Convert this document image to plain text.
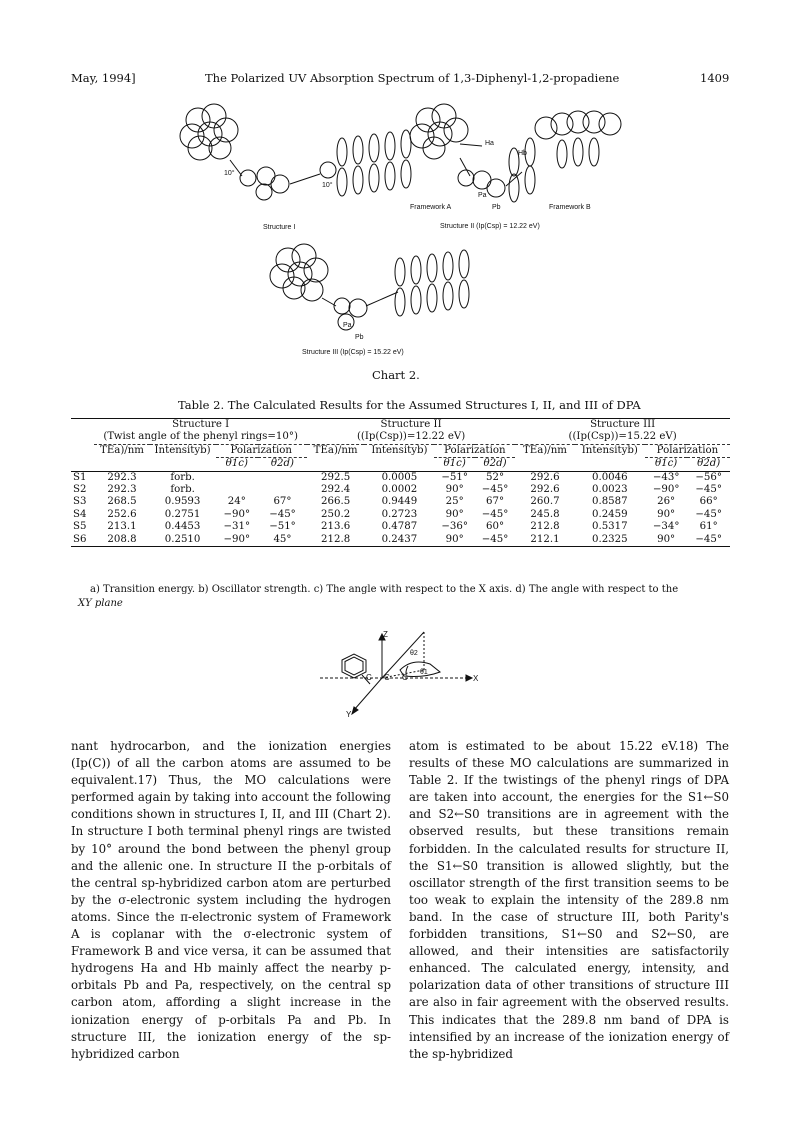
May, 1994]	The Polarized UV Absorption Spectrum of 1,3-Diphenyl-1,2-propadiene	1409
10°
10°
Structure I
Ha
Hb
Pa
Pb
Framework A	Framework B
Structure II (Ip(Csp) = 12.22 eV)
Pa
Pb
Structure III (Ip(Csp) = 15.22 eV)
Chart 2.
Table 2. The Calculated Results for the Assumed Structures I, II, and III of DPA
	Structure I				Structure II				Structure III			
	(Twist angle of the phenyl rings=10°)				((Ip(Csp))=12.22 eV)				((Ip(Csp))=15.22 eV)			
	TEa)/nm	Intensityb)	Polarization		TEa)/nm	Intensityb)	Polarization		TEa)/nm	Intensityb)	Polarization	
			θ1c)	θ2d)			θ1c)	θ2d)			θ1c)	θ2d)
S1	292.3	forb.			292.5	0.0005	−51°	52°	292.6	0.0046	−43°	−56°
S2	292.3	forb.			292.4	0.0002	90°	−45°	292.6	0.0023	−90°	−45°
S3	268.5	0.9593	24°	67°	266.5	0.9449	25°	67°	260.7	0.8587	26°	66°
S4	252.6	0.2751	−90°	−45°	250.2	0.2723	90°	−45°	245.8	0.2459	90°	−45°
S5	213.1	0.4453	−31°	−51°	213.6	0.4787	−36°	60°	212.8	0.5317	−34°	61°
S6	208.8	0.2510	−90°	45°	212.8	0.2437	90°	−45°	212.1	0.2325	90°	−45°
a) Transition energy. b) Oscillator strength. c) The angle with respect to the X axis. d) The angle with respect to the
XY plane
Z
X
Y
C C C
θ1
θ2

nant hydrocarbon, and the ionization energies (Ip(C)) of all the carbon atoms are assumed to be equivalent.17) Thus, the MO calculations were performed again by taking into account the following conditions shown in structures I, II, and III (Chart 2). In structure I both terminal phenyl rings are twisted by 10° around the bond between the phenyl group and the allenic one. In structure II the p-orbitals of the central sp-hybridized carbon atom are perturbed by the σ-electronic system including the hydrogen atoms. Since the π-electronic system of Framework A is coplanar with the σ-electronic system of Framework B and vice versa, it can be assumed that hydrogens Ha and Hb mainly affect the nearby p-orbitals Pb and Pa, respectively, on the central sp carbon atom, affording a slight increase in the ionization energy of p-orbitals Pa and Pb. In structure III, the ionization energy of the sp-hybridized carbon

atom is estimated to be about 15.22 eV.18) The results of these MO calculations are summarized in Table 2. If the twistings of the phenyl rings of DPA are taken into account, the energies for the S1←S0 and S2←S0 transitions are in agreement with the observed results, but these transitions remain forbidden. In the calculated results for structure II, the S1←S0 transition is allowed slightly, but the oscillator strength of the first transition seems to be too weak to explain the intensity of the 289.8 nm band. In the case of structure III, both Parity's forbidden transitions, S1←S0 and S2←S0, are allowed, and their intensities are satisfactorily enhanced. The calculated energy, intensity, and polarization data of other transitions of structure III are also in fair agreement with the observed results. This indicates that the 289.8 nm band of DPA is intensified by an increase of the ionization energy of the sp-hybridized
